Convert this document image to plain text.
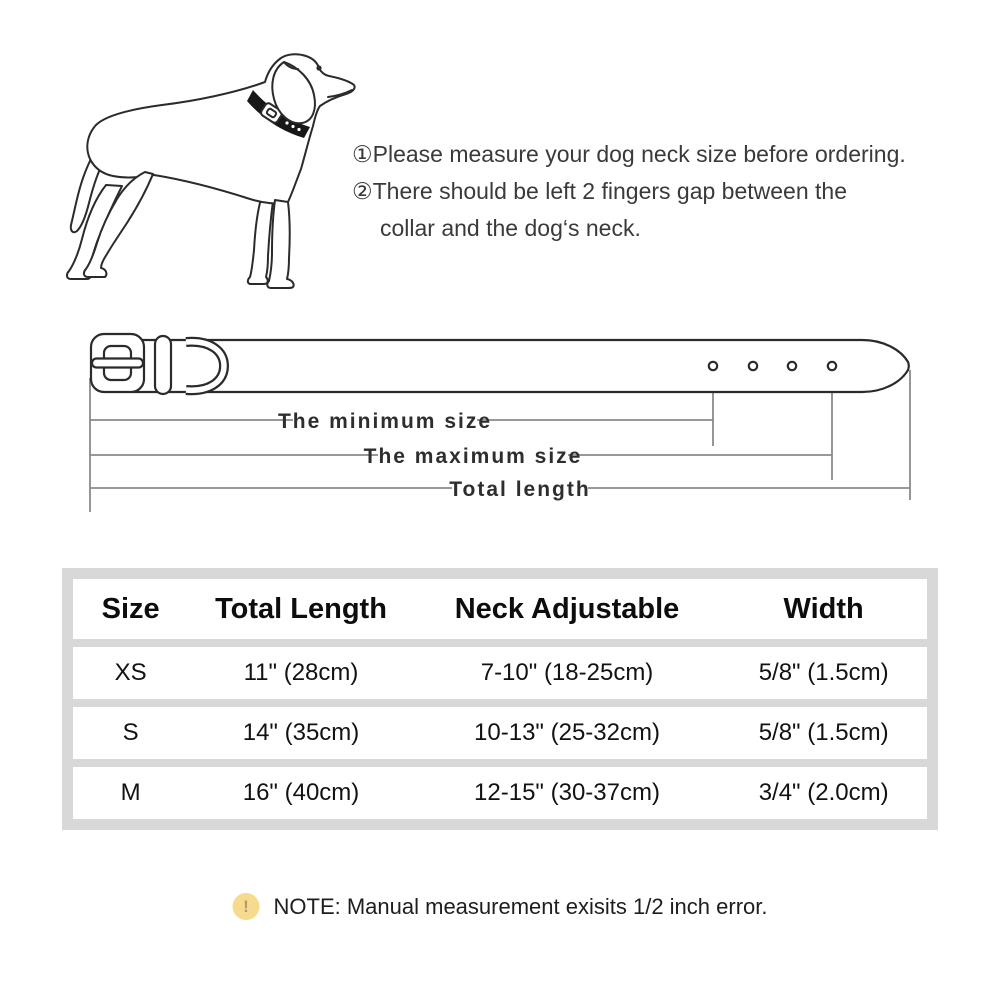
①Please measure your dog neck size before ordering.
②There should be left 2 fingers gap between the
collar and the dog‘s neck.
The minimum size
The maximum size
Total length
Size	Total Length	Neck Adjustable	Width
XS	11" (28cm)	7-10" (18-25cm)	5/8" (1.5cm)
S	14" (35cm)	10-13" (25-32cm)	5/8" (1.5cm)
M	16" (40cm)	12-15" (30-37cm)	3/4" (2.0cm)
!	NOTE: Manual measurement exisits 1/2 inch error.
